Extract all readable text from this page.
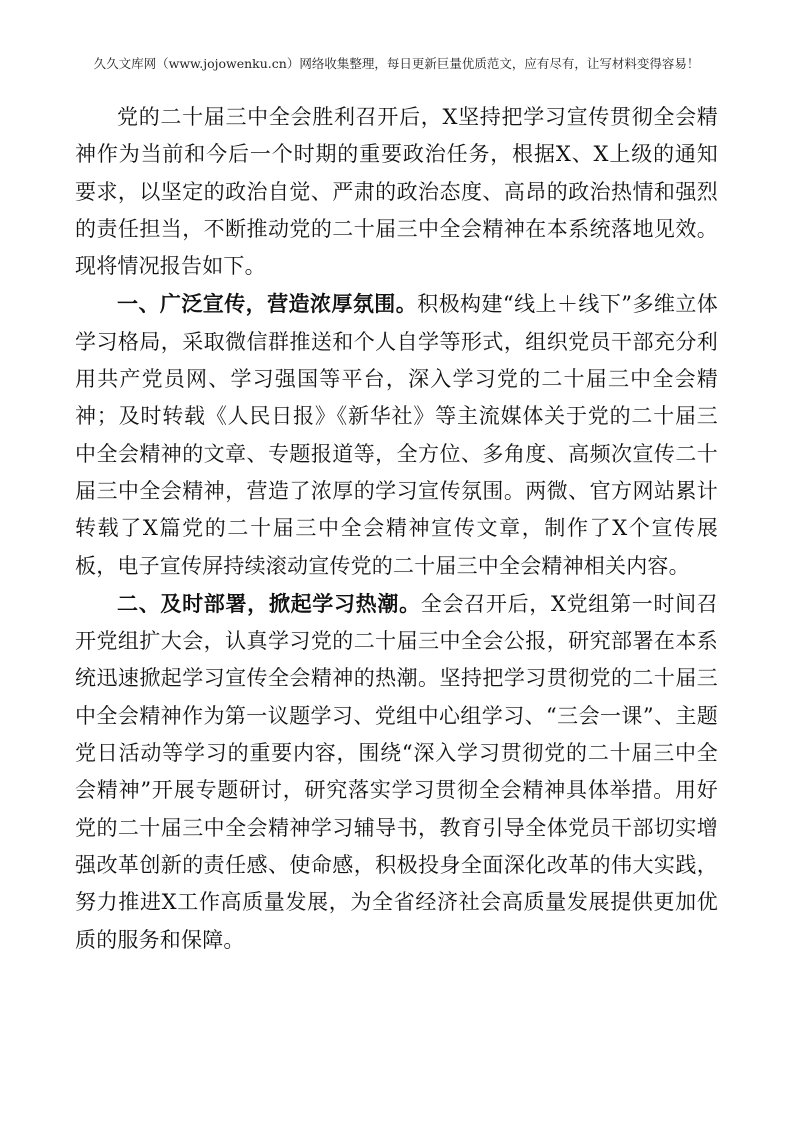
久久文库网（www.jojowenku.cn）网络收集整理，每日更新巨量优质范文，应有尽有，让写材料变得容易！

党的二十届三中全会胜利召开后，X坚持把学习宣传贯彻全会精神作为当前和今后一个时期的重要政治任务，根据X、X上级的通知要求，以坚定的政治自觉、严肃的政治态度、高昂的政治热情和强烈的责任担当，不断推动党的二十届三中全会精神在本系统落地见效。现将情况报告如下。

一、广泛宣传，营造浓厚氛围。积极构建“线上＋线下”多维立体学习格局，采取微信群推送和个人自学等形式，组织党员干部充分利用共产党员网、学习强国等平台，深入学习党的二十届三中全会精神；及时转载《人民日报》《新华社》等主流媒体关于党的二十届三中全会精神的文章、专题报道等，全方位、多角度、高频次宣传二十届三中全会精神，营造了浓厚的学习宣传氛围。两微、官方网站累计转载了X篇党的二十届三中全会精神宣传文章，制作了X个宣传展板，电子宣传屏持续滚动宣传党的二十届三中全会精神相关内容。

二、及时部署，掀起学习热潮。全会召开后，X党组第一时间召开党组扩大会，认真学习党的二十届三中全会公报，研究部署在本系统迅速掀起学习宣传全会精神的热潮。坚持把学习贯彻党的二十届三中全会精神作为第一议题学习、党组中心组学习、“三会一课”、主题党日活动等学习的重要内容，围绕“深入学习贯彻党的二十届三中全会精神”开展专题研讨，研究落实学习贯彻全会精神具体举措。用好党的二十届三中全会精神学习辅导书，教育引导全体党员干部切实增强改革创新的责任感、使命感，积极投身全面深化改革的伟大实践，努力推进X工作高质量发展，为全省经济社会高质量发展提供更加优质的服务和保障。
